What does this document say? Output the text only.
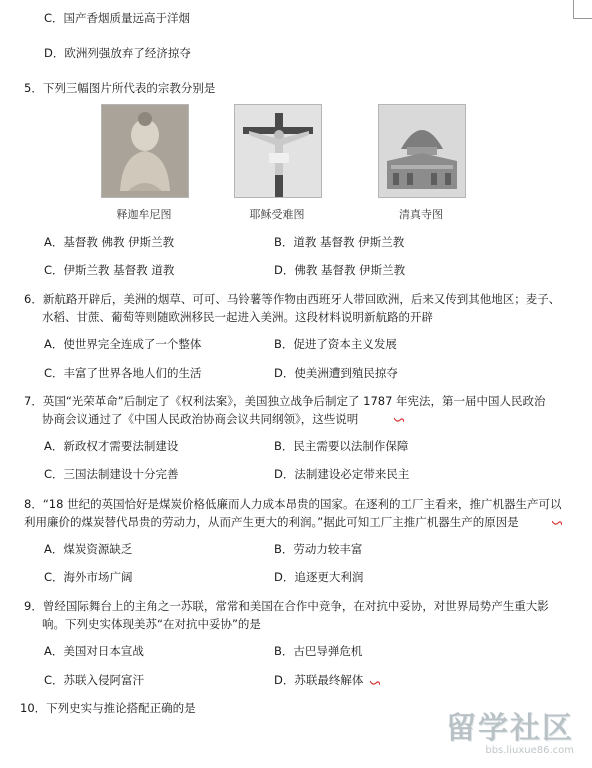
C．国产香烟质量远高于洋烟
D．欧洲列强放弃了经济掠夺
5．下列三幅图片所代表的宗教分别是
释迦牟尼图	耶稣受难图	清真寺图
A．基督教 佛教 伊斯兰教	B．道教 基督教 伊斯兰教
C．伊斯兰教 基督教 道教	D．佛教 基督教 伊斯兰教
6．新航路开辟后，美洲的烟草、可可、马铃薯等作物由西班牙人带回欧洲，后来又传到其他地区；麦子、
水稻、甘蔗、葡萄等则随欧洲移民一起进入美洲。这段材料说明新航路的开辟
A．使世界完全连成了一个整体	B．促进了资本主义发展
C．丰富了世界各地人们的生活	D．使美洲遭到殖民掠夺
7．英国“光荣革命”后制定了《权利法案》，美国独立战争后制定了 1787 年宪法，第一届中国人民政治
协商会议通过了《中国人民政治协商会议共同纲领》，这些说明
A．新政权才需要法制建设	B．民主需要以法制作保障
C．三国法制建设十分完善	D．法制建设必定带来民主
8．“18 世纪的英国恰好是煤炭价格低廉而人力成本昂贵的国家。在逐利的工厂主看来，推广机器生产可以
利用廉价的煤炭替代昂贵的劳动力，从而产生更大的利润。”据此可知工厂主推广机器生产的原因是
A．煤炭资源缺乏	B．劳动力较丰富
C．海外市场广阔	D．追逐更大利润
9．曾经国际舞台上的主角之一苏联，常常和美国在合作中竞争，在对抗中妥协，对世界局势产生重大影
响。下列史实体现美苏“在对抗中妥协”的是
A．美国对日本宣战	B．古巴导弹危机
C．苏联入侵阿富汗	D．苏联最终解体
10．下列史实与推论搭配正确的是
留学社区
bbs.liuxue86.com
